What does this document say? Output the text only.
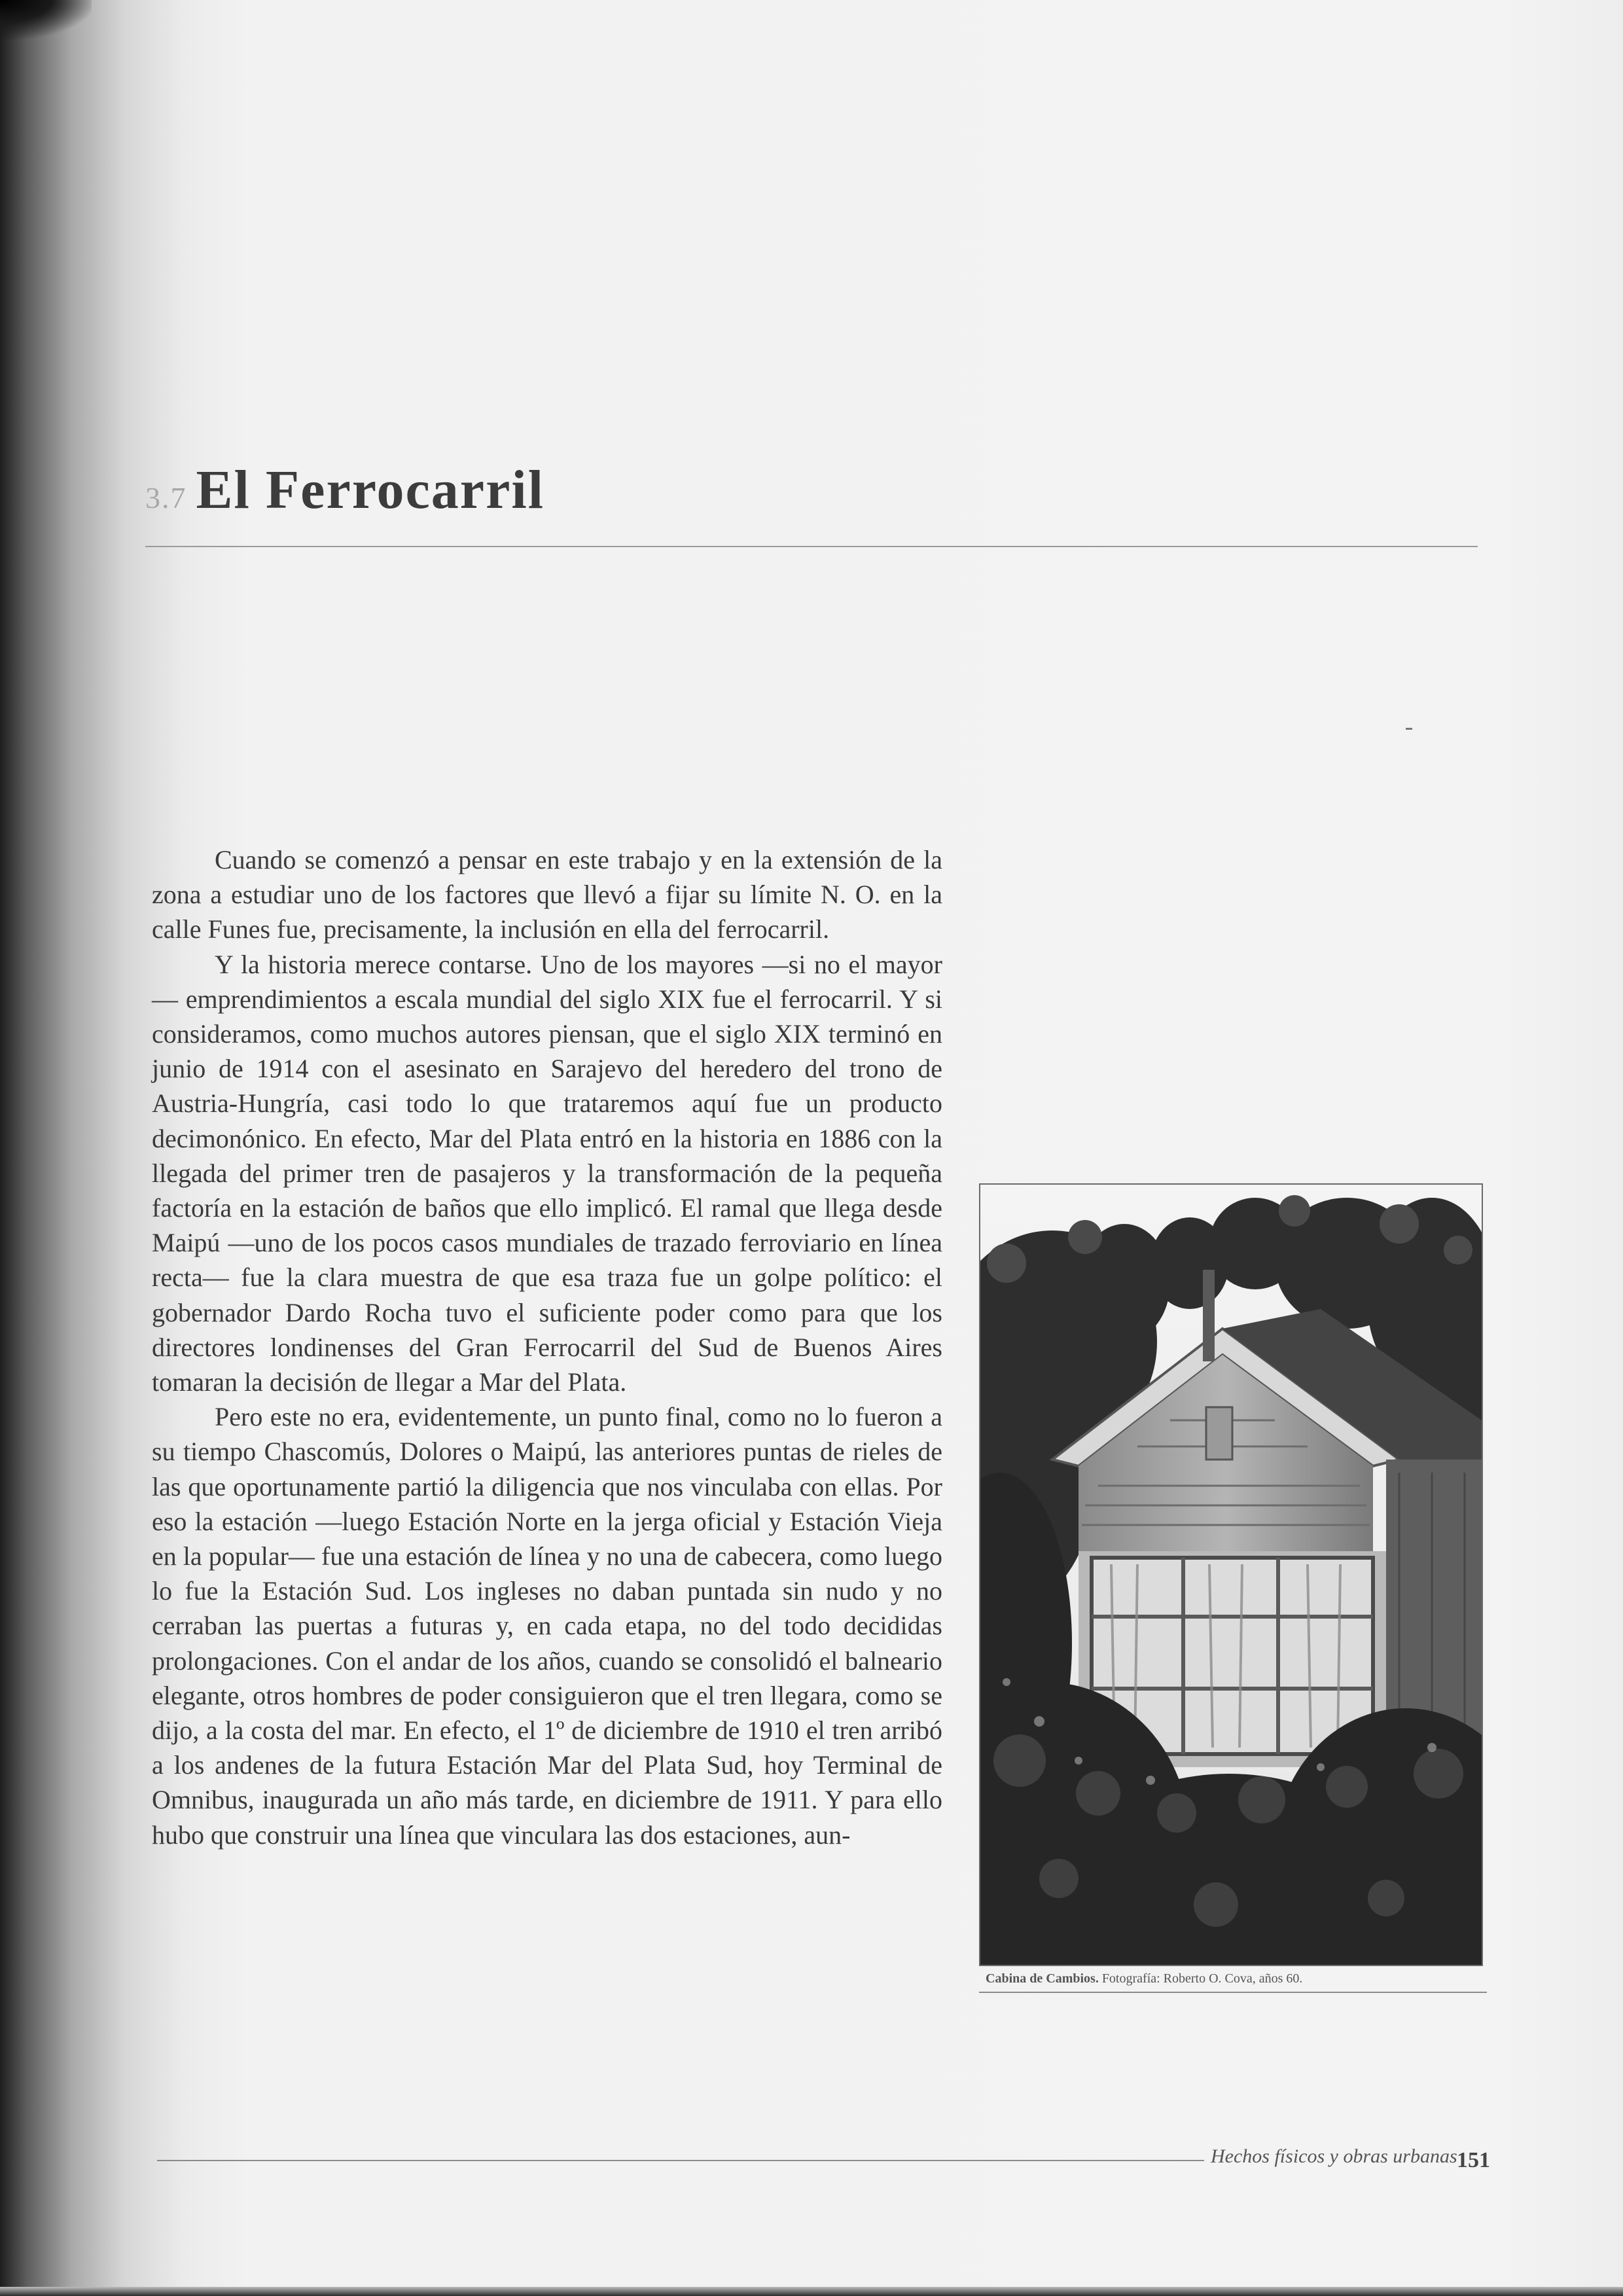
3.7 El Ferrocarril

Cuando se comenzó a pensar en este trabajo y en la extensión de la zona a estudiar uno de los factores que llevó a fijar su límite N. O. en la calle Funes fue, precisamente, la inclusión en ella del ferrocarril.

Y la historia merece contarse. Uno de los mayores —si no el mayor— emprendimientos a escala mundial del siglo XIX fue el ferrocarril. Y si consideramos, como muchos autores piensan, que el siglo XIX terminó en junio de 1914 con el asesinato en Sarajevo del heredero del trono de Austria-Hungría, casi todo lo que trataremos aquí fue un producto decimonónico. En efecto, Mar del Plata entró en la historia en 1886 con la llegada del primer tren de pasajeros y la transformación de la pequeña factoría en la estación de baños que ello implicó. El ramal que llega desde Maipú —uno de los pocos casos mundiales de trazado ferroviario en línea recta— fue la clara muestra de que esa traza fue un golpe político: el gobernador Dardo Rocha tuvo el suficiente poder como para que los directores londinenses del Gran Ferrocarril del Sud de Buenos Aires tomaran la decisión de llegar a Mar del Plata.

Pero este no era, evidentemente, un punto final, como no lo fueron a su tiempo Chascomús, Dolores o Maipú, las anteriores puntas de rieles de las que oportunamente partió la diligencia que nos vinculaba con ellas. Por eso la estación —luego Estación Norte en la jerga oficial y Estación Vieja en la popular— fue una estación de línea y no una de cabecera, como luego lo fue la Estación Sud. Los ingleses no daban puntada sin nudo y no cerraban las puertas a futuras y, en cada etapa, no del todo decididas prolongaciones. Con el andar de los años, cuando se consolidó el balneario elegante, otros hombres de poder consiguieron que el tren llegara, como se dijo, a la costa del mar. En efecto, el 1º de diciembre de 1910 el tren arribó a los andenes de la futura Estación Mar del Plata Sud, hoy Terminal de Omnibus, inaugurada un año más tarde, en diciembre de 1911. Y para ello hubo que construir una línea que vinculara las dos estaciones, aun-

Cabina de Cambios. Fotografía: Roberto O. Cova, años 60.
Hechos físicos y obras urbanas 151
